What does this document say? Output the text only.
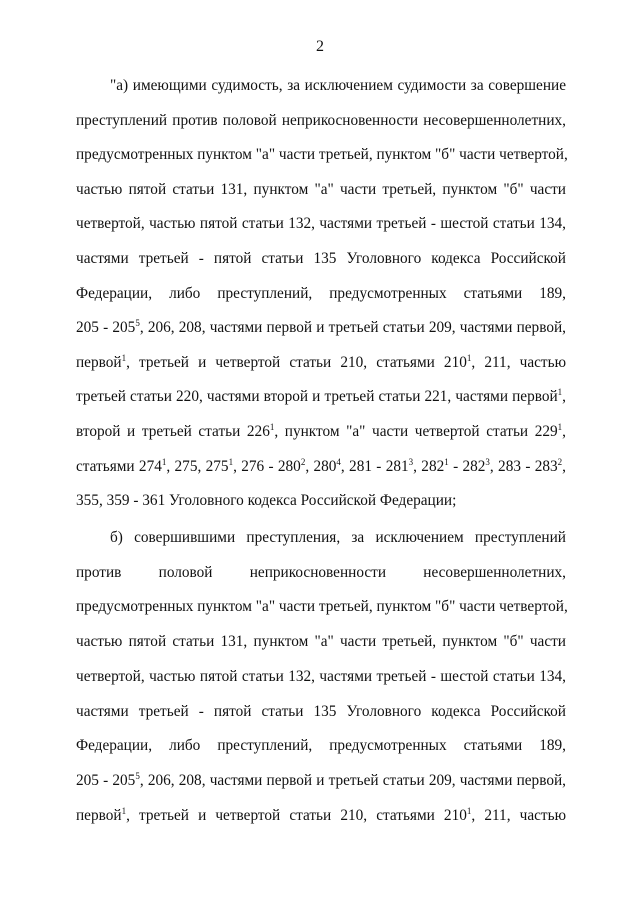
2
"а) имеющими судимость, за исключением судимости за совершение
преступлений против половой неприкосновенности несовершеннолетних,
предусмотренных пунктом "а" части третьей, пунктом "б" части четвертой,
частью пятой статьи 131, пунктом "а" части третьей, пунктом "б" части
четвертой, частью пятой статьи 132, частями третьей - шестой статьи 134,
частями третьей - пятой статьи 135 Уголовного кодекса Российской
Федерации, либо преступлений, предусмотренных статьями 189,
$205 - 205^5$, 206, 208, частями первой и третьей статьи 209, частями первой,
первой$^1$, третьей и четвертой статьи 210, статьями $210^1$, 211, частью
третьей статьи 220, частями второй и третьей статьи 221, частями первой$^1$,
второй и третьей статьи $226^1$, пунктом "а" части четвертой статьи $229^1$,
статьями $274^1$, 275, $275^1$, $276 - 280^2$, $280^4$, $281 - 281^3$, $282^1 - 282^3$, $283 - 283^2$,
355, 359 - 361 Уголовного кодекса Российской Федерации;
б) совершившими преступления, за исключением преступлений
против половой неприкосновенности несовершеннолетних,
предусмотренных пунктом "а" части третьей, пунктом "б" части четвертой,
частью пятой статьи 131, пунктом "а" части третьей, пунктом "б" части
четвертой, частью пятой статьи 132, частями третьей - шестой статьи 134,
частями третьей - пятой статьи 135 Уголовного кодекса Российской
Федерации, либо преступлений, предусмотренных статьями 189,
$205 - 205^5$, 206, 208, частями первой и третьей статьи 209, частями первой,
первой$^1$, третьей и четвертой статьи 210, статьями $210^1$, 211, частью
